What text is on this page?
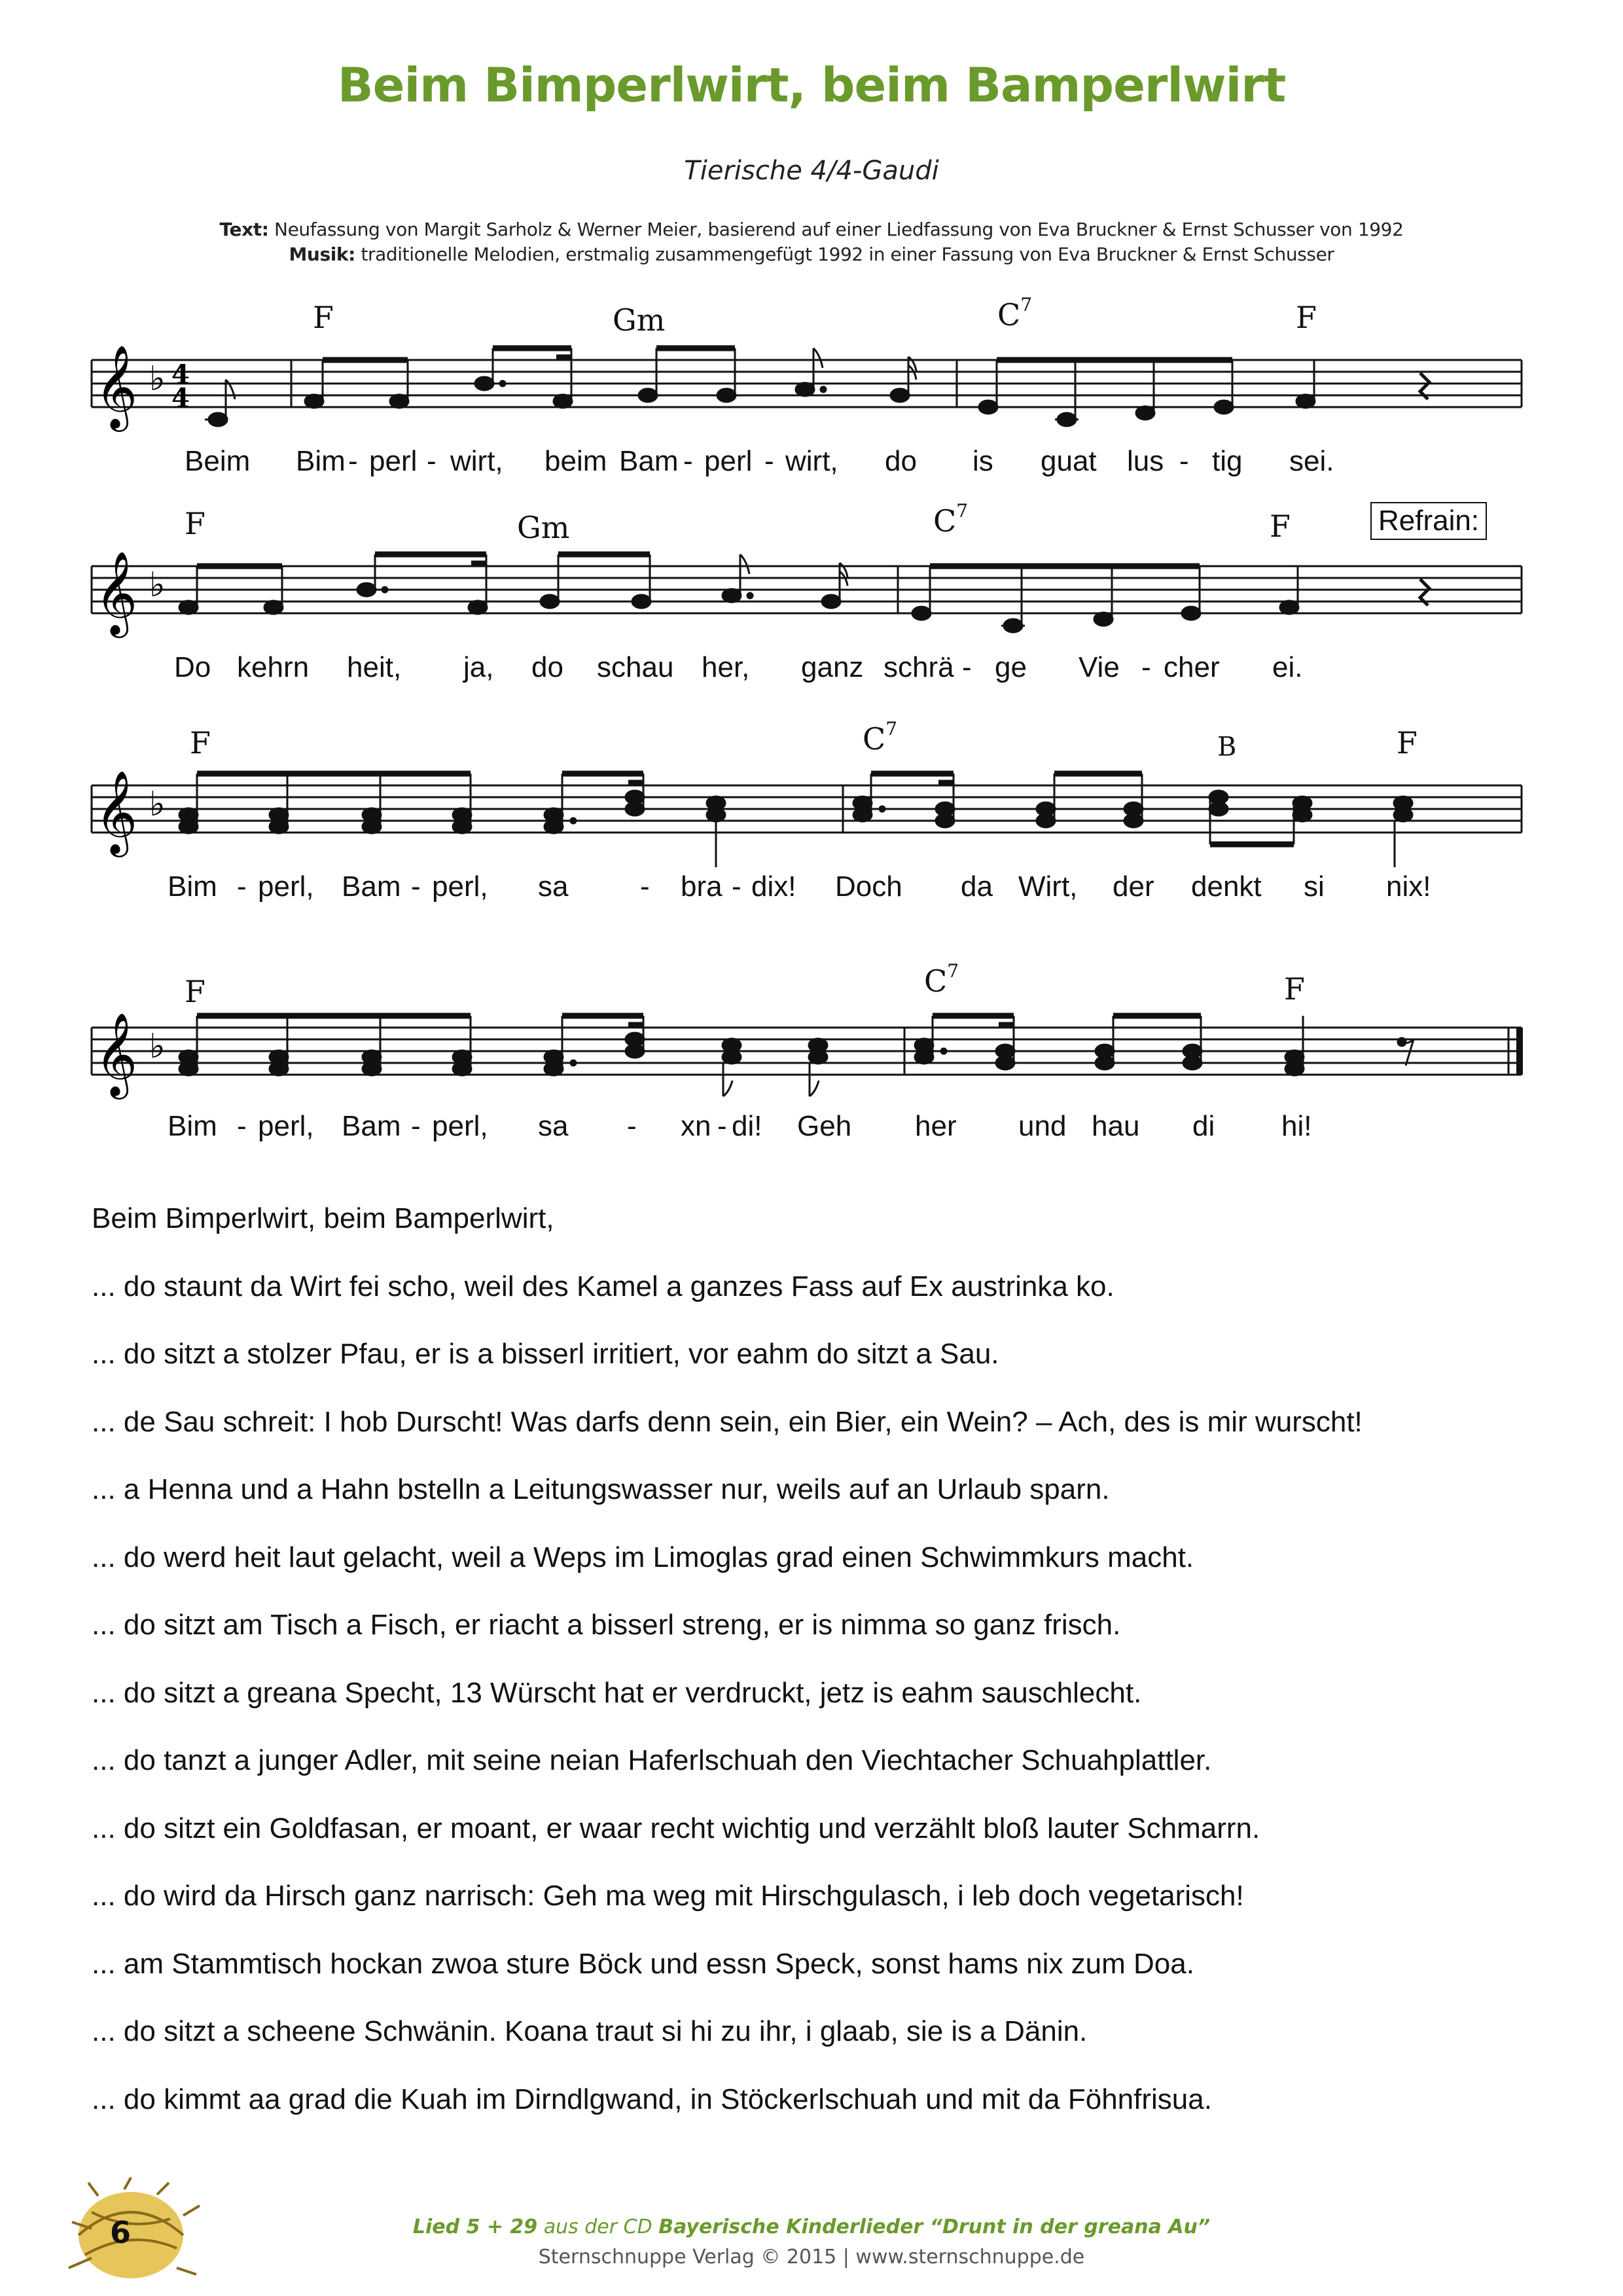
Beim Bimperlwirt, beim Bamperlwirt
Tierische 4/4-Gaudi
Text: Neufassung von Margit Sarholz & Werner Meier, basierend auf einer Liedfassung von Eva Bruckner & Ernst Schusser von 1992
Musik: traditionelle Melodien, erstmalig zusammengefügt 1992 in einer Fassung von Eva Bruckner & Ernst Schusser
𝄞 ♭ 4
4
F	Gm	$C^7$	F
Beim Bim - perl - wirt, beim Bam - perl - wirt, do is guat lus - tig sei.
𝄞 ♭
F	Gm	$C^7$	F	Refrain:
Do kehrn heit, ja, do schau her, ganz schrä - ge Vie - cher ei.
𝄞 ♭
F	$C^7$
B	F
Bim - perl, Bam - perl, sa - bra - dix! Doch da Wirt, der denkt si nix!
𝄞 ♭
F	$C^7$
F
Bim - perl, Bam - perl, sa - xn - di! Geh her und hau di hi!
Beim Bimperlwirt, beim Bamperlwirt,
... do staunt da Wirt fei scho, weil des Kamel a ganzes Fass auf Ex austrinka ko.
... do sitzt a stolzer Pfau, er is a bisserl irritiert, vor eahm do sitzt a Sau.
... de Sau schreit: I hob Durscht! Was darfs denn sein, ein Bier, ein Wein? – Ach, des is mir wurscht!
... a Henna und a Hahn bstelln a Leitungswasser nur, weils auf an Urlaub sparn.
... do werd heit laut gelacht, weil a Weps im Limoglas grad einen Schwimmkurs macht.
... do sitzt am Tisch a Fisch, er riacht a bisserl streng, er is nimma so ganz frisch.
... do sitzt a greana Specht, 13 Würscht hat er verdruckt, jetz is eahm sauschlecht.
... do tanzt a junger Adler, mit seine neian Haferlschuah den Viechtacher Schuahplattler.
... do sitzt ein Goldfasan, er moant, er waar recht wichtig und verzählt bloß lauter Schmarrn.
... do wird da Hirsch ganz narrisch: Geh ma weg mit Hirschgulasch, i leb doch vegetarisch!
... am Stammtisch hockan zwoa sture Böck und essn Speck, sonst hams nix zum Doa.
... do sitzt a scheene Schwänin. Koana traut si hi zu ihr, i glaab, sie is a Dänin.
... do kimmt aa grad die Kuah im Dirndlgwand, in Stöckerlschuah und mit da Föhnfrisua.
6	Lied 5 + 29 aus der CD Bayerische Kinderlieder “Drunt in der greana Au”
Sternschnuppe Verlag © 2015 | www.sternschnuppe.de
